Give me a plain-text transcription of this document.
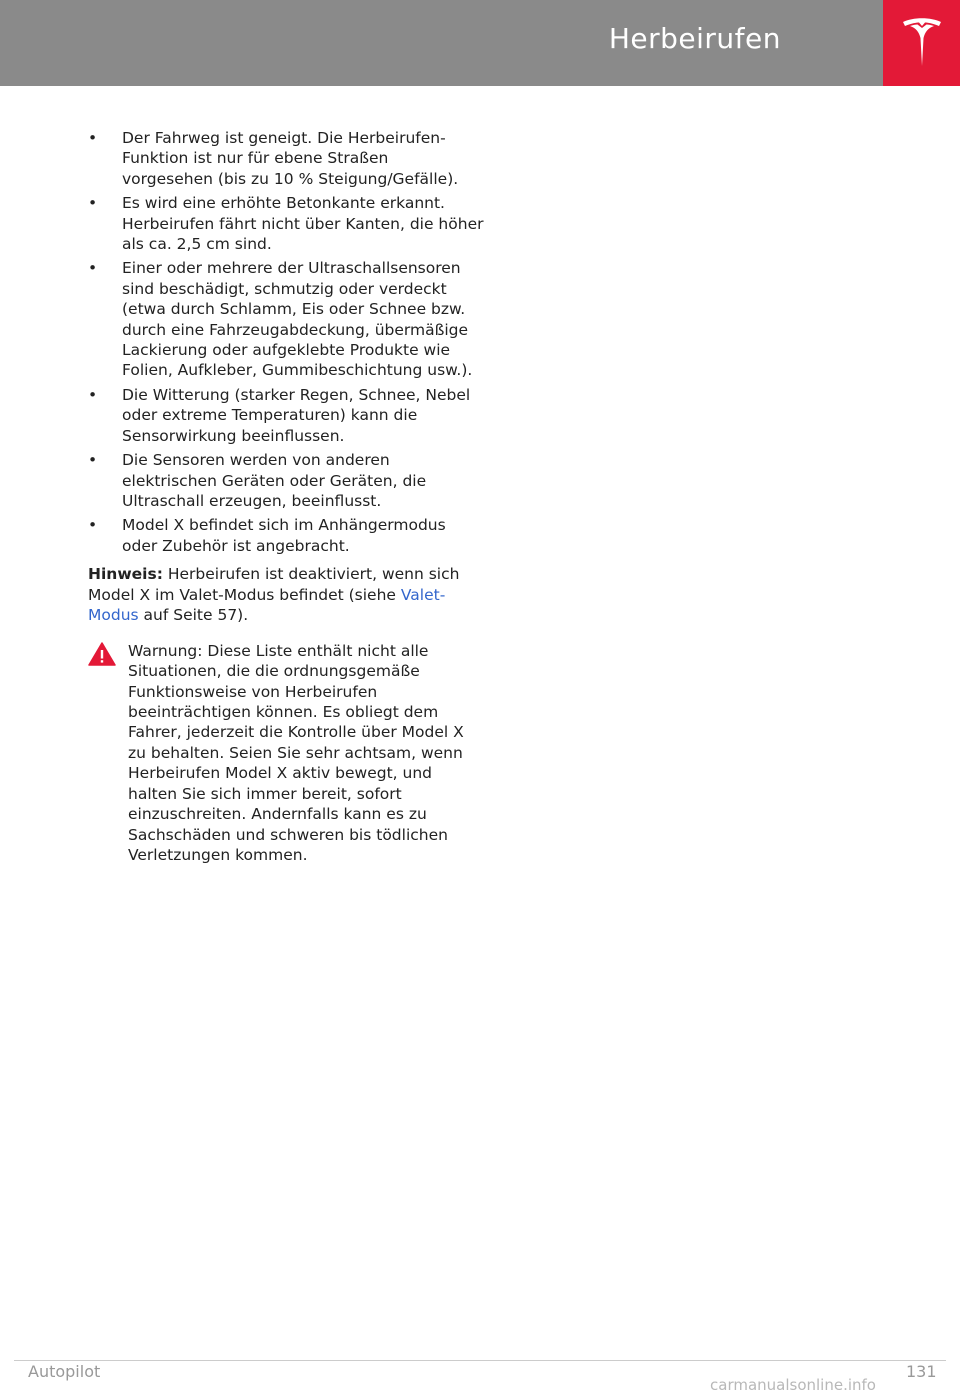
Herbeirufen
• Der Fahrweg ist geneigt. Die Herbeirufen-Funktion ist nur für ebene Straßen vorgesehen (bis zu 10 % Steigung/Gefälle).
• Es wird eine erhöhte Betonkante erkannt. Herbeirufen fährt nicht über Kanten, die höher als ca. 2,5 cm sind.
• Einer oder mehrere der Ultraschallsensoren sind beschädigt, schmutzig oder verdeckt (etwa durch Schlamm, Eis oder Schnee bzw. durch eine Fahrzeugabdeckung, übermäßige Lackierung oder aufgeklebte Produkte wie Folien, Aufkleber, Gummibeschichtung usw.).
• Die Witterung (starker Regen, Schnee, Nebel oder extreme Temperaturen) kann die Sensorwirkung beeinflussen.
• Die Sensoren werden von anderen elektrischen Geräten oder Geräten, die Ultraschall erzeugen, beeinflusst.
• Model X befindet sich im Anhängermodus oder Zubehör ist angebracht.

Hinweis: Herbeirufen ist deaktiviert, wenn sich Model X im Valet-Modus befindet (siehe Valet-Modus auf Seite 57).

Warnung: Diese Liste enthält nicht alle Situationen, die die ordnungsgemäße Funktionsweise von Herbeirufen beeinträchtigen können. Es obliegt dem Fahrer, jederzeit die Kontrolle über Model X zu behalten. Seien Sie sehr achtsam, wenn Herbeirufen Model X aktiv bewegt, und halten Sie sich immer bereit, sofort einzuschreiten. Andernfalls kann es zu Sachschäden und schweren bis tödlichen Verletzungen kommen.
Autopilot	131
carmanualsonline.info
